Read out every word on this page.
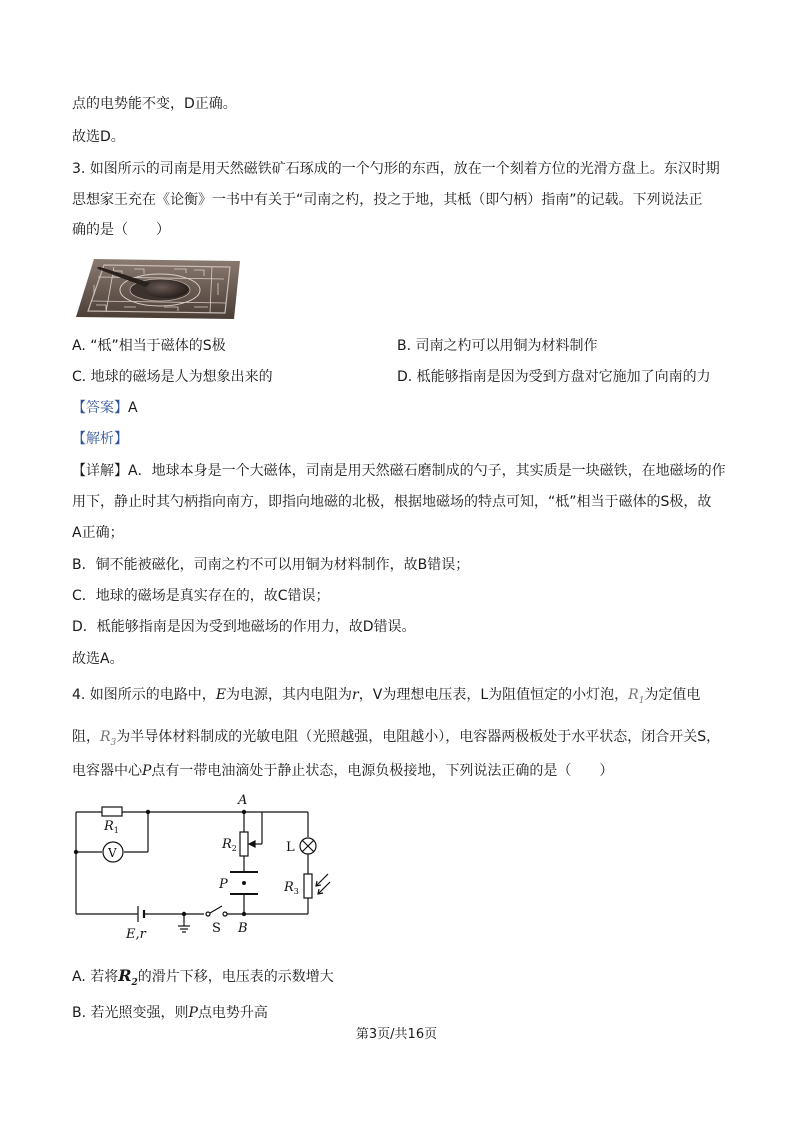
点的电势能不变，D正确。
故选D。
3. 如图所示的司南是用天然磁铁矿石琢成的一个勺形的东西，放在一个刻着方位的光滑方盘上。东汉时期
思想家王充在《论衡》一书中有关于“司南之杓，投之于地，其柢（即勺柄）指南”的记载。下列说法正
确的是（　　）
A. “柢”相当于磁体的S极	B. 司南之杓可以用铜为材料制作
C. 地球的磁场是人为想象出来的	D. 柢能够指南是因为受到方盘对它施加了向南的力
【答案】A
【解析】
【详解】A．地球本身是一个大磁体，司南是用天然磁石磨制成的勺子，其实质是一块磁铁，在地磁场的作
用下，静止时其勺柄指向南方，即指向地磁的北极，根据地磁场的特点可知，“柢”相当于磁体的S极，故
A正确；
B．铜不能被磁化，司南之杓不可以用铜为材料制作，故B错误；
C．地球的磁场是真实存在的，故C错误；
D．柢能够指南是因为受到地磁场的作用力，故D错误。
故选A。
4. 如图所示的电路中，E为电源，其内电阻为r，V为理想电压表，L为阻值恒定的小灯泡，$R_1$为定值电
阻，$R_3$为半导体材料制成的光敏电阻（光照越强，电阻越小），电容器两极板处于水平状态，闭合开关S，
电容器中心P点有一带电油滴处于静止状态，电源负极接地，下列说法正确的是（　　）
A
B
$R_1$
$R_2$
$R_3$
V	L
P
E,r	S
A. 若将$R_2$的滑片下移，电压表的示数增大
B. 若光照变强，则P点电势升高
第3页/共16页
